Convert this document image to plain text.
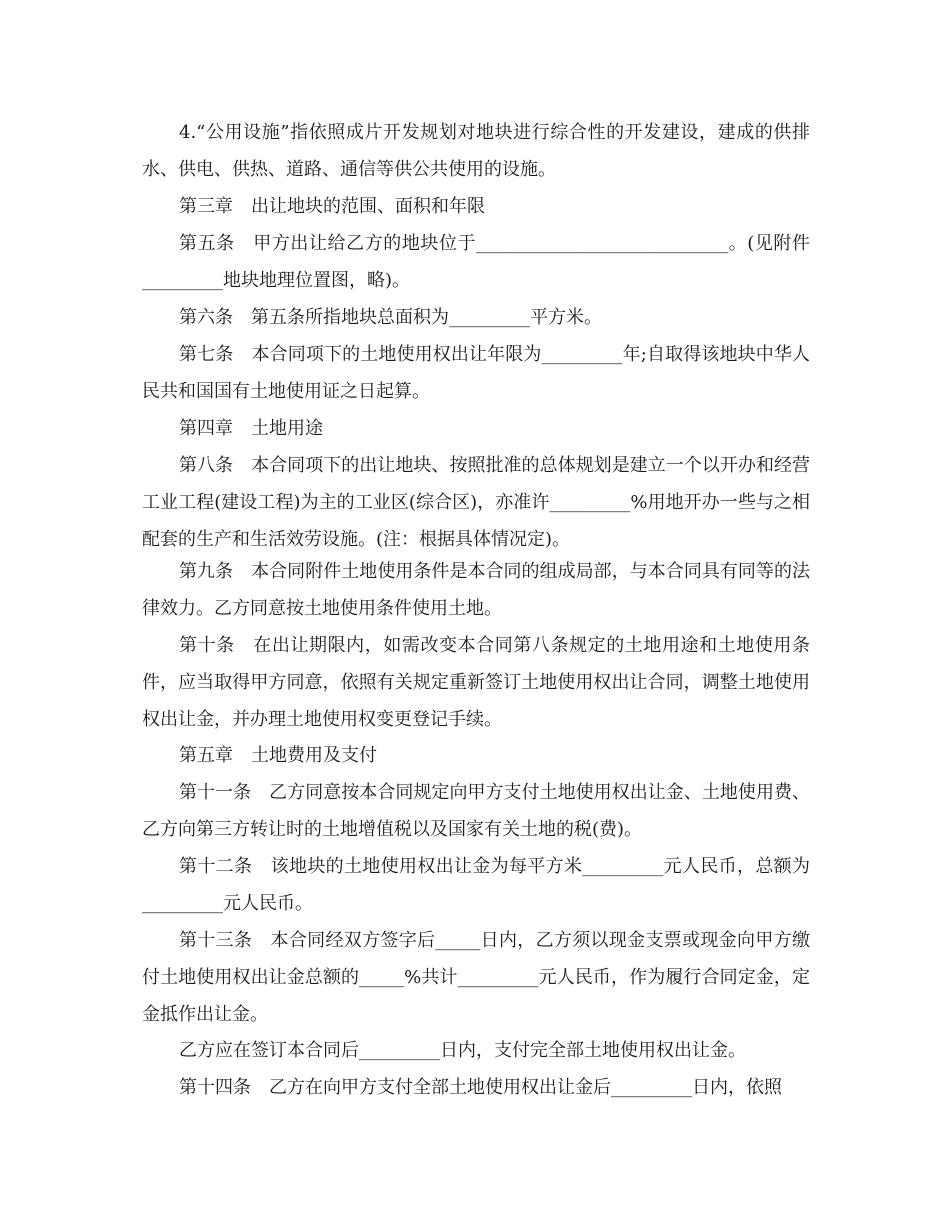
4.“公用设施”指依照成片开发规划对地块进行综合性的开发建设，建成的供排水、供电、供热、道路、通信等供公共使用的设施。

第三章　出让地块的范围、面积和年限

第五条　甲方出让给乙方的地块位于____________________________。(见附件_________地块地理位置图，略)。

第六条　第五条所指地块总面积为_________平方米。

第七条　本合同项下的土地使用权出让年限为_________年;自取得该地块中华人民共和国国有土地使用证之日起算。

第四章　土地用途

第八条　本合同项下的出让地块、按照批准的总体规划是建立一个以开办和经营工业工程(建设工程)为主的工业区(综合区)，亦准许_________%用地开办一些与之相配套的生产和生活效劳设施。(注：根据具体情况定)。

第九条　本合同附件土地使用条件是本合同的组成局部，与本合同具有同等的法律效力。乙方同意按土地使用条件使用土地。

第十条　在出让期限内，如需改变本合同第八条规定的土地用途和土地使用条件，应当取得甲方同意，依照有关规定重新签订土地使用权出让合同，调整土地使用权出让金，并办理土地使用权变更登记手续。

第五章　土地费用及支付

第十一条　乙方同意按本合同规定向甲方支付土地使用权出让金、土地使用费、乙方向第三方转让时的土地增值税以及国家有关土地的税(费)。

第十二条　该地块的土地使用权出让金为每平方米_________元人民币，总额为_________元人民币。

第十三条　本合同经双方签字后_____日内，乙方须以现金支票或现金向甲方缴付土地使用权出让金总额的_____%共计_________元人民币，作为履行合同定金，定金抵作出让金。

乙方应在签订本合同后_________日内，支付完全部土地使用权出让金。

第十四条　乙方在向甲方支付全部土地使用权出让金后_________日内，依照
